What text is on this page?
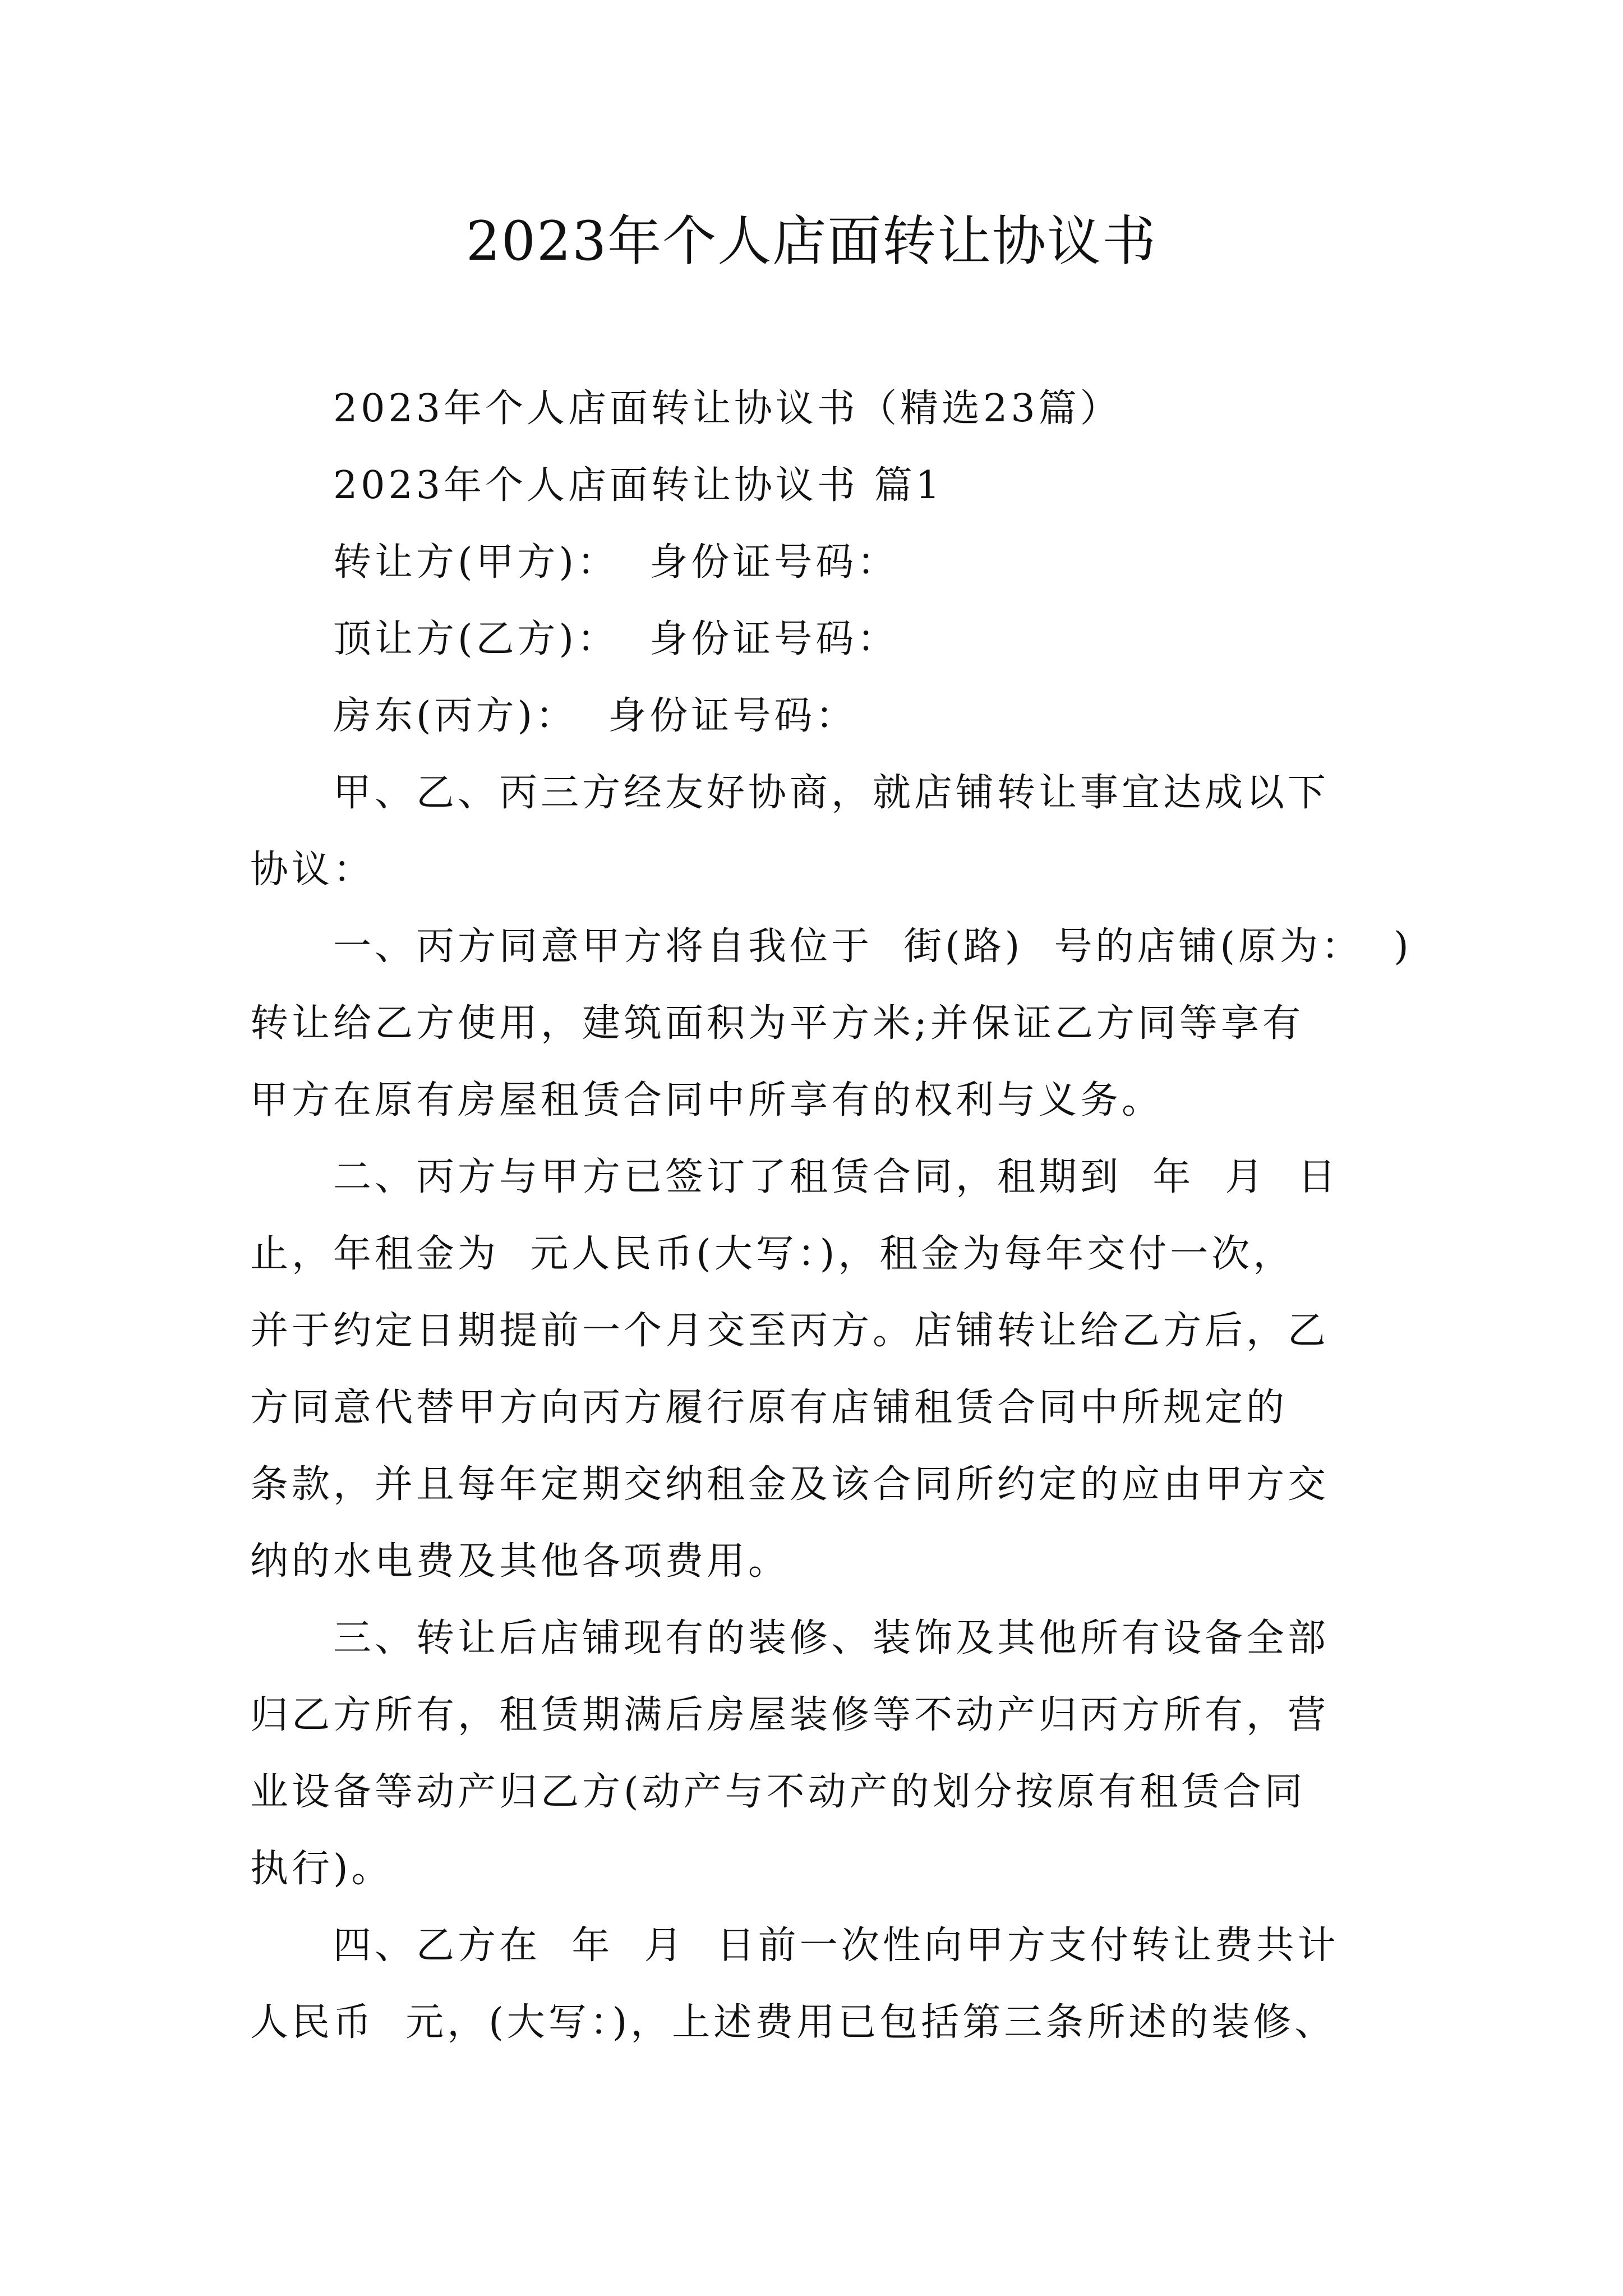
2023年个人店面转让协议书
2023年个人店面转让协议书（精选23篇）
2023年个人店面转让协议书 篇1
转让方(甲方)：  身份证号码：
顶让方(乙方)：  身份证号码：
房东(丙方)：  身份证号码：
甲、乙、丙三方经友好协商，就店铺转让事宜达成以下
协议：
一、丙方同意甲方将自我位于  街(路)  号的店铺(原为：  )
转让给乙方使用，建筑面积为平方米;并保证乙方同等享有
甲方在原有房屋租赁合同中所享有的权利与义务。
二、丙方与甲方已签订了租赁合同，租期到  年  月  日
止，年租金为  元人民币(大写：)，租金为每年交付一次，
并于约定日期提前一个月交至丙方。店铺转让给乙方后，乙
方同意代替甲方向丙方履行原有店铺租赁合同中所规定的
条款，并且每年定期交纳租金及该合同所约定的应由甲方交
纳的水电费及其他各项费用。
三、转让后店铺现有的装修、装饰及其他所有设备全部
归乙方所有，租赁期满后房屋装修等不动产归丙方所有，营
业设备等动产归乙方(动产与不动产的划分按原有租赁合同
执行)。
四、乙方在  年  月  日前一次性向甲方支付转让费共计
人民币  元，(大写：)，上述费用已包括第三条所述的装修、
